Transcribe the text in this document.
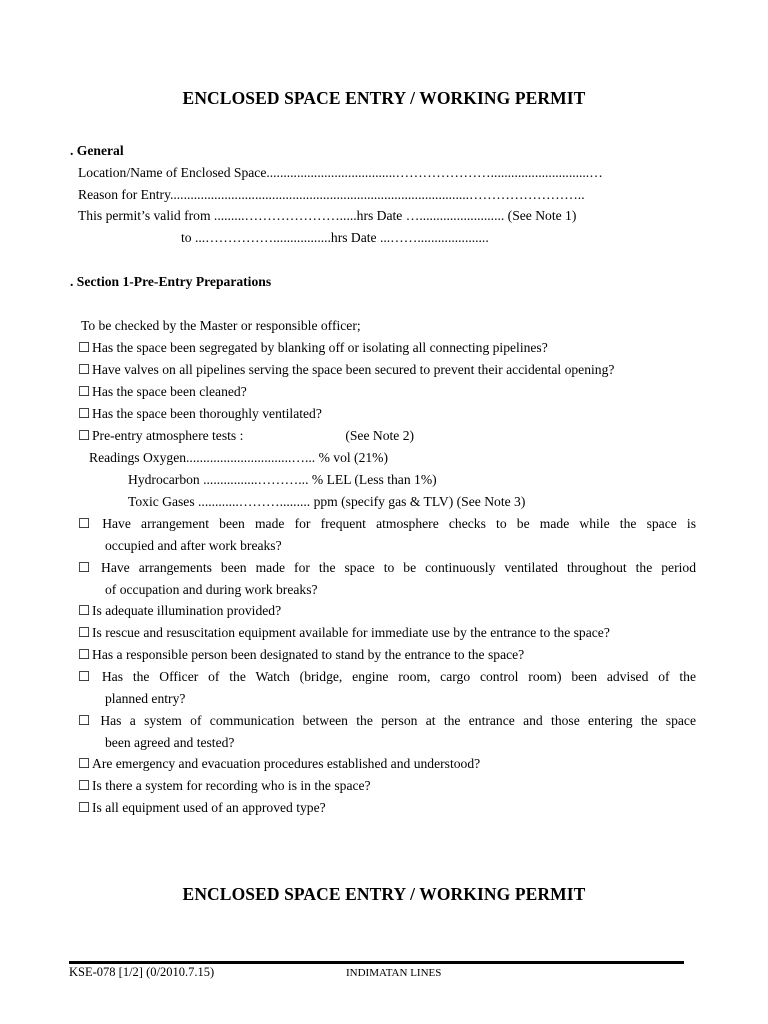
ENCLOSED SPACE ENTRY / WORKING PERMIT
. General
Location/Name of Enclosed Space......................................………………….............................…
Reason for Entry........................................................................................……………………..
This permit’s valid from .........………………….....hrs Date …......................... (See Note 1)
to ...…………….................hrs Date ...…….....................
. Section 1-Pre-Entry Preparations
To be checked by the Master or responsible officer;
☐ Has the space been segregated by blanking off or isolating all connecting pipelines?
☐ Have valves on all pipelines serving the space been secured to prevent their accidental opening?
☐ Has the space been cleaned?
☐ Has the space been thoroughly ventilated?
☐ Pre-entry atmosphere tests :                              (See Note 2)
Readings Oxygen...............................…... % vol (21%)
Hydrocarbon ................………... % LEL (Less than 1%)
Toxic Gases ............………......... ppm (specify gas & TLV) (See Note 3)
☐ Have arrangement been made for frequent atmosphere checks to be made while the space is
occupied and after work breaks?
☐ Have arrangements been made for the space to be continuously ventilated throughout the period
of occupation and during work breaks?
☐ Is adequate illumination provided?
☐ Is rescue and resuscitation equipment available for immediate use by the entrance to the space?
☐ Has a responsible person been designated to stand by the entrance to the space?
☐ Has the Officer of the Watch (bridge, engine room, cargo control room) been advised of the
planned entry?
☐ Has a system of communication between the person at the entrance and those entering the space
been agreed and tested?
☐ Are emergency and evacuation procedures established and understood?
☐ Is there a system for recording who is in the space?
☐ Is all equipment used of an approved type?
ENCLOSED SPACE ENTRY / WORKING PERMIT
KSE-078 [1/2] (0/2010.7.15)	INDIMATAN LINES
